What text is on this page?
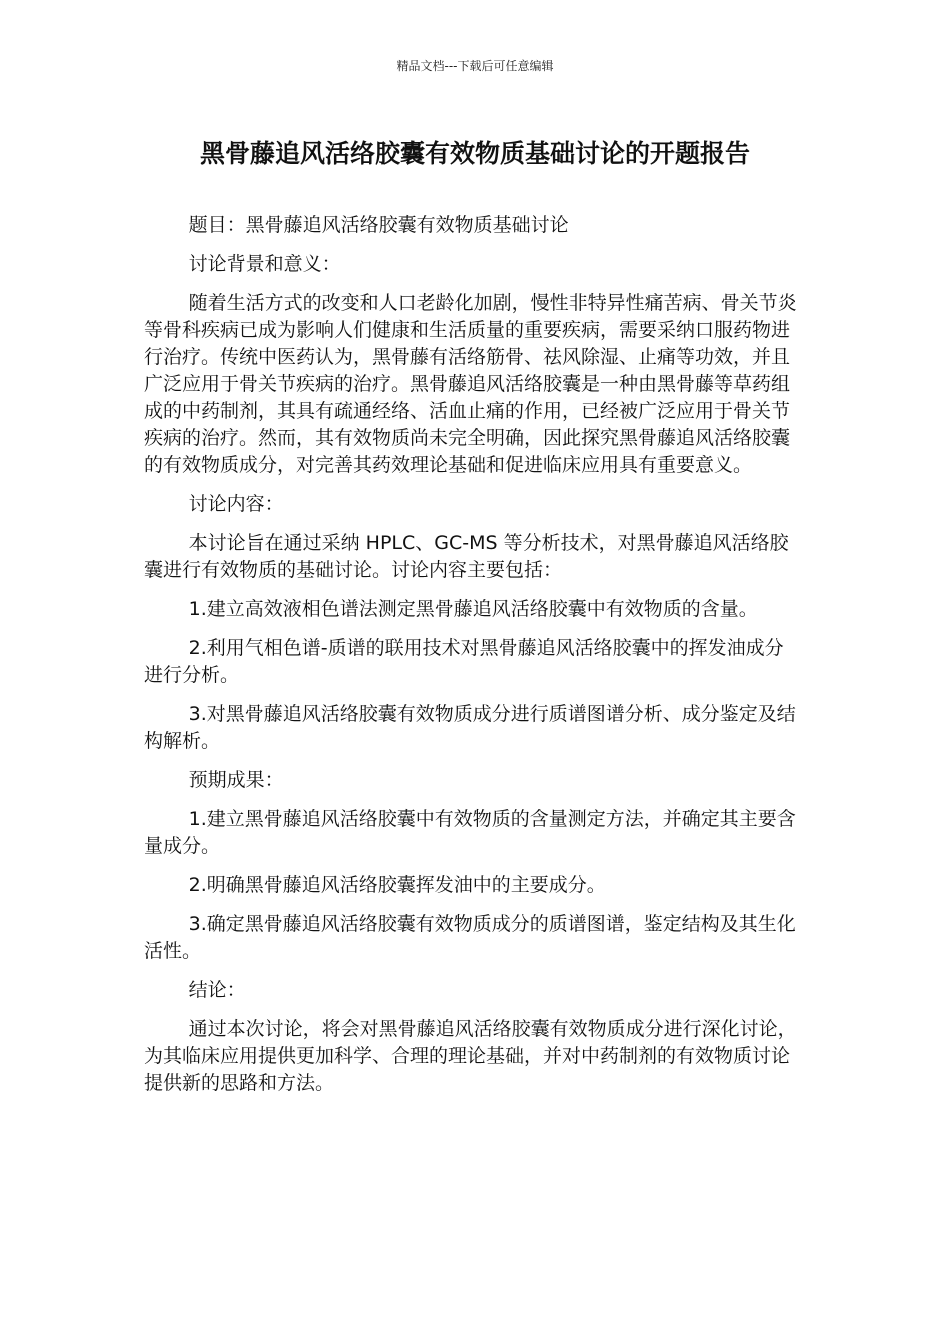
精品文档---下载后可任意编辑
黑骨藤追风活络胶囊有效物质基础讨论的开题报告

题目：黑骨藤追风活络胶囊有效物质基础讨论

讨论背景和意义：

随着生活方式的改变和人口老龄化加剧，慢性非特异性痛苦病、骨关节炎等骨科疾病已成为影响人们健康和生活质量的重要疾病，需要采纳口服药物进行治疗。传统中医药认为，黑骨藤有活络筋骨、祛风除湿、止痛等功效，并且广泛应用于骨关节疾病的治疗。黑骨藤追风活络胶囊是一种由黑骨藤等草药组成的中药制剂，其具有疏通经络、活血止痛的作用，已经被广泛应用于骨关节疾病的治疗。然而，其有效物质尚未完全明确，因此探究黑骨藤追风活络胶囊的有效物质成分，对完善其药效理论基础和促进临床应用具有重要意义。

讨论内容：

本讨论旨在通过采纳 HPLC、GC-MS 等分析技术，对黑骨藤追风活络胶囊进行有效物质的基础讨论。讨论内容主要包括：

1.建立高效液相色谱法测定黑骨藤追风活络胶囊中有效物质的含量。

2.利用气相色谱-质谱的联用技术对黑骨藤追风活络胶囊中的挥发油成分进行分析。

3.对黑骨藤追风活络胶囊有效物质成分进行质谱图谱分析、成分鉴定及结构解析。

预期成果：

1.建立黑骨藤追风活络胶囊中有效物质的含量测定方法，并确定其主要含量成分。

2.明确黑骨藤追风活络胶囊挥发油中的主要成分。

3.确定黑骨藤追风活络胶囊有效物质成分的质谱图谱，鉴定结构及其生化活性。

结论：

通过本次讨论，将会对黑骨藤追风活络胶囊有效物质成分进行深化讨论，为其临床应用提供更加科学、合理的理论基础，并对中药制剂的有效物质讨论提供新的思路和方法。
